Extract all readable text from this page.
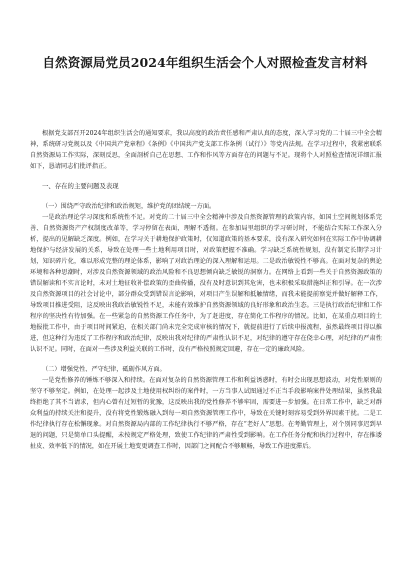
自然资源局党员2024年组织生活会个人对照检查发言材料

根据党支部召开2024年组织生活会的通知要求，我以高度的政治责任感和严肃认真的态度，深入学习党的二十届三中全会精神，系统研习党规以及《中国共产党章程》《条例》《中国共产党支部工作条例（试行）》等党内法规。在学习过程中，我紧密联系自然资源局工作实际，深刻反思，全面剖析自己在思想、工作和作风等方面存在的问题与不足。现将个人对照检查情况详细汇报如下，恳请同志们批评指正。

一、存在的主要问题及表现

（一）围绕严守政治纪律和政治规矩，维护党的团结统一方面。

一是政治理论学习深度和系统性不足。对党的二十届三中全会精神中涉及自然资源管理的政策内容，如国土空间规划体系完善、自然资源资产产权制度改革等，学习停留在表面，理解不透彻。在参加局里组织的学习研讨时，不能结合实际工作深入分析，提出的见解缺乏深度。例如，在学习关于耕地保护政策时，仅知道政策的基本要求，没有深入研究如何在实际工作中协调耕地保护与经济发展的关系，导致在处理一些土地利用项目时，对政策把握不准确。学习缺乏系统性规划，没有制定长期学习计划，知识碎片化，难以形成完整的理论体系，影响了对政治理论的深入理解和运用。二是政治敏锐性不够高。在面对复杂的舆论环境和各种思潮时，对涉及自然资源领域的政治风险和不良思想倾向缺乏敏锐的洞察力。在网络上看到一些关于自然资源政策的错误解读和不实言论时，未对土地征收补偿政策的歪曲传播，没有及时意识到其危害，也未积极采取措施纠正和引导。在一次涉及自然资源项目的社会讨论中，部分群众受到错误言论影响，对项目产生误解和抵触情绪，而我未能提前察觉并做好解释工作，导致项目推进受阻，这反映出我政治敏锐性不足，未能有效维护自然资源领域的良好形象和政治生态。三是执行政治纪律和工作程序的坚决性有待加强。在一些紧急的自然资源工作任务中，为了赶进度，存在简化工作程序的情况。比如，在某重点项目的土地报批工作中，由于项目时间紧迫，在相关部门尚未完全完成审核的情况下，就提前进行了后续申报流程，虽然最终项目得以推进，但这种行为违反了工作程序和政治纪律，反映出我对纪律的严肃性认识不足，对纪律的遵守存在侥幸心理，对纪律的严肃性认识不足。同时，在面对一些涉及利益关联的工作时，没有严格按照规定回避，存在一定的廉政风险。

（二）增强党性、严守纪律，砥砺作风方面。

一是党性修养的锤炼不够深入和持续。在面对复杂的自然资源管理工作和利益诱惑时，有时会出现思想波动，对党性原则的坚守不够坚定。例如，在处理一起涉及土地使用权纠纷的案件时，一方当事人试图通过不正当手段影响案件处理结果，虽然我最终拒绝了其不当请求，但内心曾有过短暂的犹豫，这反映出我的党性修养不够牢固，需要进一步加强。在日常工作中，缺乏对群众利益的持续关注和提升，没有将党性锻炼融入到每一项自然资源管理工作中，导致在关键时刻容易受到外界因素干扰。二是工作纪律执行存在松懈现象。对自然资源局内部的工作纪律执行不够严格，存在“老好人”思想。在考勤管理上，对个别同事迟到早退的问题，只是简单口头提醒，未按规定严格处理，致使工作纪律的严肃性受到影响。在工作任务分配和执行过程中，存在推诿扯皮、效率低下的情况，如在开展土地变更调查工作时，因部门之间配合不够顺畅，导致工作进度滞后。
